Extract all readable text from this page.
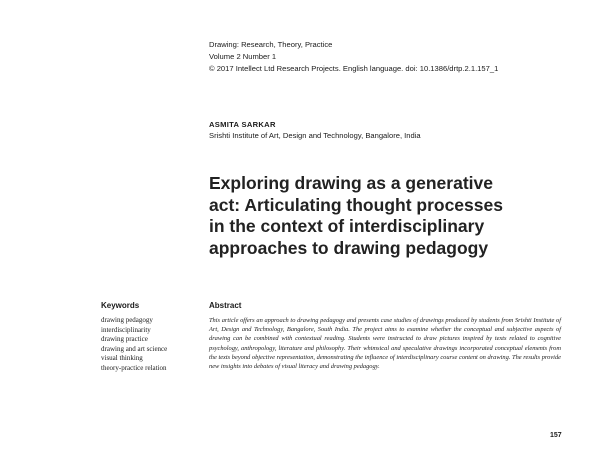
Drawing: Research, Theory, Practice
Volume 2 Number 1
© 2017 Intellect Ltd Research Projects. English language. doi: 10.1386/drtp.2.1.157_1
ASMITA SARKAR
Srishti Institute of Art, Design and Technology, Bangalore, India
Exploring drawing as a generative
act: Articulating thought processes
in the context of interdisciplinary
approaches to drawing pedagogy
Keywords
drawing pedagogy
interdisciplinarity
drawing practice
drawing and art science
visual thinking
theory-practice relation
Abstract
This article offers an approach to drawing pedagogy and presents case studies of drawings produced by students from Srishti Institute of Art, Design and Technology, Bangalore, South India. The project aims to examine whether the conceptual and subjective aspects of drawing can be combined with contextual reading. Students were instructed to draw pictures inspired by texts related to cognitive psychology, anthropology, literature and philosophy. Their whimsical and speculative drawings incorporated conceptual elements from the texts beyond objective representation, demonstrating the influence of interdisciplinary course content on drawing. The results provide new insights into debates of visual literacy and drawing pedagogy.
157
